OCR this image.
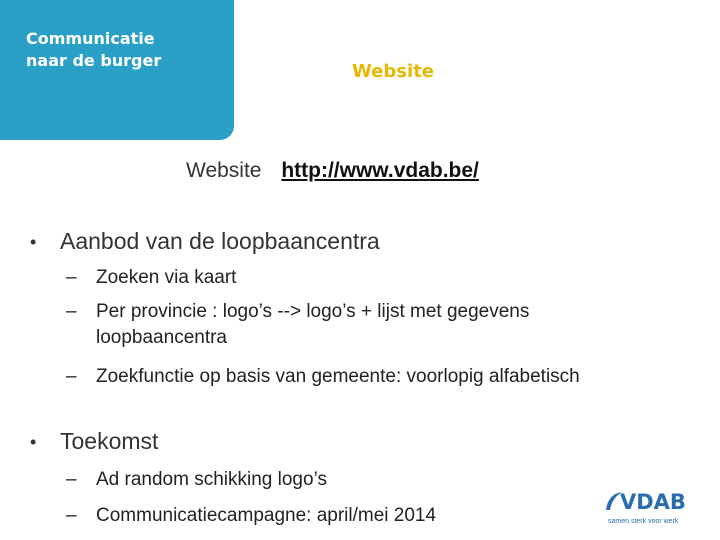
Communicatie
naar de burger
Website
Website http://www.vdab.be/
• Aanbod van de loopbaancentra
– Zoeken via kaart
– Per provincie : logo’s --> logo’s + lijst met gegevens loopbaancentra
– Zoekfunctie op basis van gemeente: voorlopig alfabetisch
• Toekomst
– Ad random schikking logo’s
– Communicatiecampagne: april/mei 2014
VDAB
samen sterk voor werk
